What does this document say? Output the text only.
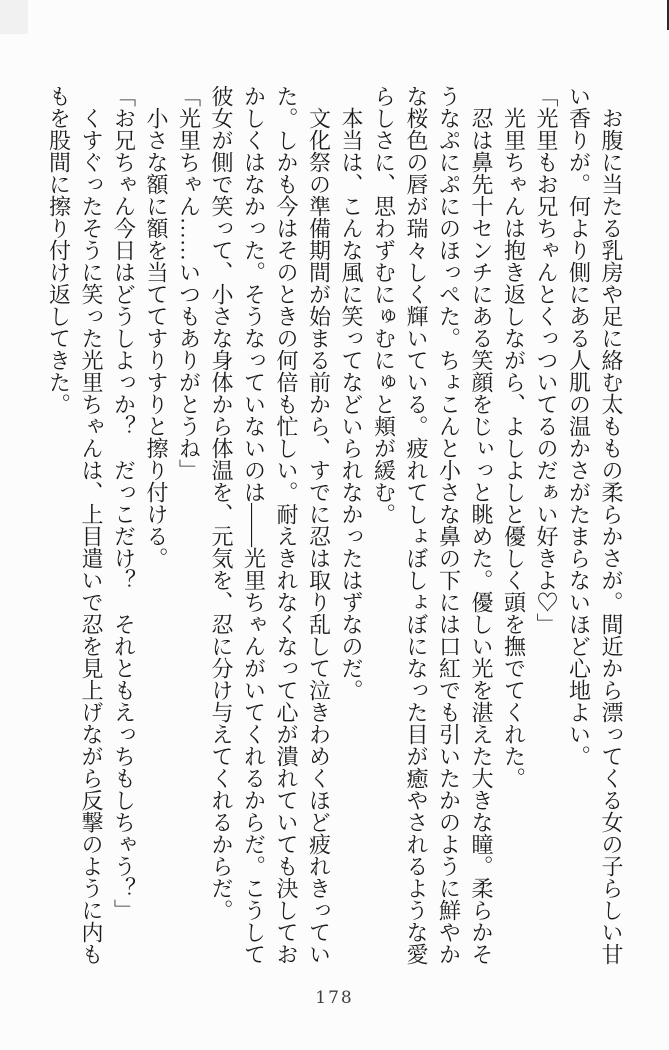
　お腹に当たる乳房や足に絡む太ももの柔らかさが。間近から漂ってくる女の子らしい甘

い香りが。何より側にある人肌の温かさがたまらないほど心地よい。

「光里もお兄ちゃんとくっついてるのだぁい好きよ♡」

　光里ちゃんは抱き返しながら、よしよしと優しく頭を撫でてくれた。

　忍は鼻先十センチにある笑顔をじぃっと眺めた。優しい光を湛えた大きな瞳。柔らかそ

うなぷにぷにのほっぺた。ちょこんと小さな鼻の下には口紅でも引いたかのように鮮やか

な桜色の唇が瑞々しく輝いている。疲れてしょぼしょぼになった目が癒やされるような愛

らしさに、思わずむにゅむにゅと頬が緩む。

　本当は、こんな風に笑ってなどいられなかったはずなのだ。

　文化祭の準備期間が始まる前から、すでに忍は取り乱して泣きわめくほど疲れきってい

た。しかも今はそのときの何倍も忙しい。耐えきれなくなって心が潰れていても決してお

かしくはなかった。そうなっていないのは――光里ちゃんがいてくれるからだ。こうして

彼女が側で笑って、小さな身体から体温を、元気を、忍に分け与えてくれるからだ。

「光里ちゃん……いつもありがとうね」

　小さな額に額を当ててすりすりと擦り付ける。

「お兄ちゃん今日はどうしよっか？　だっこだけ？　それともえっちもしちゃう？」

　くすぐったそうに笑った光里ちゃんは、上目遣いで忍を見上げながら反撃のように内も

もを股間に擦り付け返してきた。

178
